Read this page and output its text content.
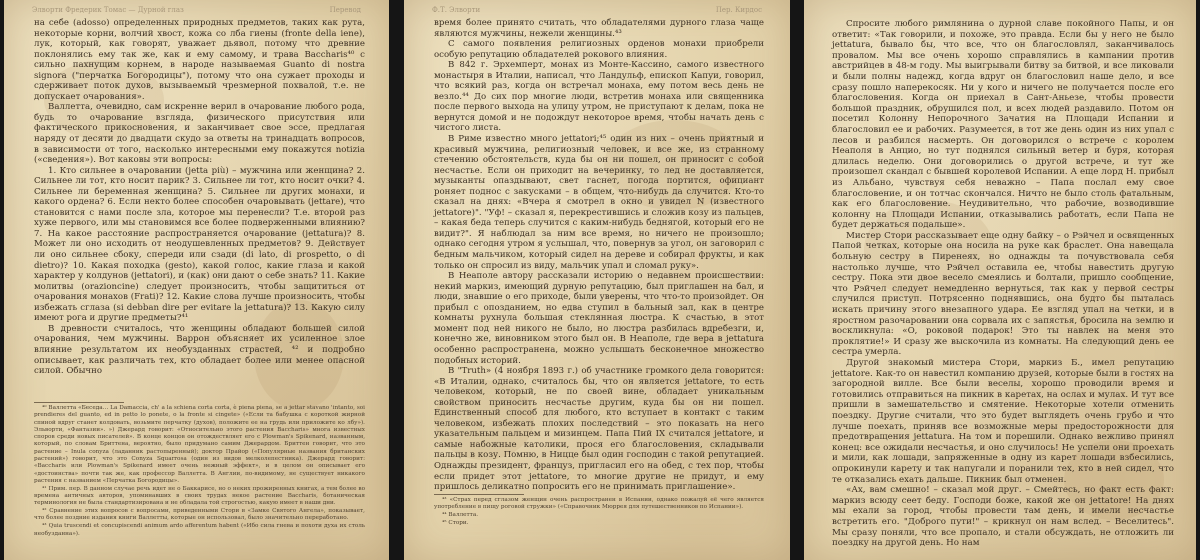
Элворти Фредерик Томас — Дурной глаз	Перевод

на себе (adosso) определенных природных предметов, таких как рута, некоторые корни, волчий хвост, кожа со лба гиены (fronte della iene), лук, который, как говорят, уважает дьявол, потому что древние поклонялись ему так же, как и ему самому, и трава Baccharis⁴⁰ с сильно пахнущим корнем, в народе называемая Guanto di nostra signora ("перчатка Богородицы"), потому что она сужает проходы и сдерживает поток духов, вызываемый чрезмерной похвалой, т.е. не допускает очарования».

Валлетта, очевидно, сам искренне верил в очарование любого рода, будь то очарование взгляда, физического присутствия или фактического прикосновения, и заканчивает свое эссе, предлагая наряду от десяти до двадцати скудо за ответы на тринадцать вопросов, в зависимости от того, насколько интересными ему покажутся notizia («сведения»). Вот каковы эти вопросы:

1. Кто сильнее в очаровании (jetta più) – мужчина или женщина? 2. Сильнее ли тот, кто носит парик? 3. Сильнее ли тот, кто носит очки? 4. Сильнее ли беременная женщина? 5. Сильнее ли других монахи, и какого ордена? 6. Если некто более способен очаровывать (jettare), что становится с нами после зла, которое мы перенесли? Т.е. второй раз хуже первого, или мы становимся все более подверженными влиянию? 7. На какое расстояние распространяется очарование (jettatura)? 8. Может ли оно исходить от неодушевленных предметов? 9. Действует ли оно сильнее сбоку, спереди или сзади (di lato, di prospetto, o di dietro)? 10. Какая походка (gesto), какой голос, какие глаза и какой характер у колдунов (jettatori), и (как) они дают о себе знать? 11. Какие молитвы (orazioncine) следует произносить, чтобы защититься от очарования монахов (Frati)? 12. Какие слова лучше произносить, чтобы избежать сглаза (si debban dire per evitare la jettatura)? 13. Какую силу имеют рога и другие предметы?⁴¹

В древности считалось, что женщины обладают большей силой очарования, чем мужчины. Варрон объясняет их усиленное злое влияние результатом их необузданных страстей, ⁴² и подробно описывает, как различать тех, кто обладает более или менее опасной силой. Обычно

⁴⁰ Валлетта «Беседа… La Damaccia, ch' a la schiena corta corta, è piena piena, se a jettar stavano 'intanto, soi prendieres del guanto, ed in petto lo ponete, o la fronte si cingete» («Если та бабушка с короткой жирной спиной вдруг станет колдовать, возьмите перчатку (духов), положите ее на грудь или приложите ко лбу»). Эльворти, «Фантазии». ») Джерард говорит: «Относительно этого растения Baccharis» многа известных споров среди новых писателей». В конце концов он отождествляет его с Plowman's Spikenard, названным, который, по словам Бриттена, вероятно, было придумано самим Джерардом. Бриттен говорит, что это растение – Inula conyza (ладанник растопыренный); доктор Прайор («Популярные названия британских растений») говорит, что это Conyza Squarrosa (один из видов мелколепестника). Джерард говорит: «Baccharis или Plowman's Spikenard имеет очень нежный эффект», и в целом он описывает его «достоинства» почти так же, как профессор Валлетта. В Англии, по-видимому, не существует никакого растения с названием «Перчатка Богородицы».

⁴¹ Прим. пер. В данном случае речь идет не о Баккарисе, но о неких прожиренных книгах, а тем более во времена античных авторов, упоминавших в своих трудах некое растение Baccharis, ботаническая терминология не была стандартизирована и не обладала той строгостью, какую имеет в наши дни.

⁴² Сравнение этих вопросов с вопросами, приведенными Стори в «Замке Святого Ангела», показывает, что более поздние издания книги Валлетты, которые он использовал, было значительно переработано.

⁴³ Quia truscendi et concupiscendi animum ardo afferentum habent («Ибо сила гнева и похоти духа их столь необузданна»).

Ф.Т. Элворти	Пер. Кирдос

время более принято считать, что обладателями дурного глаза чаще являются мужчины, нежели женщины.⁴³

С самого появления религиозных орденов монахи приобрели особую репутацию обладателей рокового влияния.

В 842 г. Эрхемперт, монах из Монте-Кассино, самого известного монастыря в Италии, написал, что Ландульф, епископ Капуи, говорил, что всякий раз, когда он встречал монаха, ему потом весь день не везло.⁴⁴ До сих пор многие люди, встретив монаха или священника после первого выхода на улицу утром, не приступают к делам, пока не вернутся домой и не подождут некоторое время, чтобы начать день с чистого листа.

В Риме известно много jettatori;⁴⁵ один из них – очень приятный и красивый мужчина, религиозный человек, и все же, из странному стечению обстоятельств, куда бы он ни пошел, он приносит с собой несчастье. Если он приходит на вечеринку, то лед не доставляется, музыканты опаздывают, свет гаснет, погода портится, официант роняет поднос с закусками – в общем, что-нибудь да случится. Кто-то сказал на днях: «Вчера я смотрел в окно и увидел N (известного jettatore)". "Уф! – сказал я, перекрестившись и сложив козу из пальцев, – какая беда теперь случится с каким-нибудь беднягой, который его не видит?". Я наблюдал за ним все время, но ничего не произошло; однако сегодня утром я услышал, что, повернув за угол, он заговорил с бедным мальчиком, который сидел на дереве и собирал фрукты, и как только он спросил из виду, мальчик упал и сломал руку».

В Неаполе автору рассказали историю о недавнем происшествии: некий маркиз, имеющий дурную репутацию, был приглашен на бал, и люди, знавшие о его приходе, были уверены, что что-то произойдет. Он прибыл с опозданием, но едва ступил в бальный зал, как в центре комнаты рухнула большая стеклянная люстра. К счастью, в этот момент под ней никого не было, но люстра разбилась вдребезги, и, конечно же, виновником этого был он. В Неаполе, где вера в jettatura особенно распространена, можно услышать бесконечное множество подобных историй.

В "Truth» (4 ноября 1893 г.) об участнике громкого дела говорится: «В Италии, однако, считалось бы, что он является jettatore, то есть человеком, который, не по своей вине, обладает уникальным свойством приносить несчастье другим, куда бы он ни пошел. Единственный способ для любого, кто вступает в контакт с таким человеком, избежать плохих последствий – это показать на него указательным пальцем и мизинцем. Папа Пий IX считался jettatore, и самые набожные католики, прося его благословения, складывали пальцы в козу. Помню, в Ницце был один господин с такой репутацией. Однажды президент, француз, пригласил его на обед, с тех пор, чтобы если придет этот jettatore, то многие другие не придут, и ему пришлось деликатно попросить его не принимать приглашение».

⁴³ «Страх перед сглазом женщин очень распространен в Испании, однако пожалуй её чего является употребление в пищу роговой стружки» («Справочник Мюррея для путешественников по Испании»).

⁴⁴ Валлетта.

⁴⁵ Стори.

Спросите любого римлянина о дурной славе покойного Папы, и он ответит: «Так говорили, и похоже, это правда. Если бы у него не было jettatura, бывало бы, что все, что он благословлял, заканчивалось провалом. Мы все очень хорошо справлялись в кампании против австрийцев в 48-м году. Мы выигрывали битву за битвой, и все ликовали и были полны надежд, когда вдруг он благословил наше дело, и все сразу пошло наперекосяк. Ни у кого и ничего не получается после его благословения. Когда он приехал в Сант-Аньезе, чтобы провести большой праздник, обрушился пол, и всех людей раздавило. Потом он посетил Колонну Непорочного Зачатия на Площади Испании и благословил ее и рабочих. Разумеется, в тот же день один из них упал с лесов и разбился насмерть. Он договорился о встрече с королем Неаполя в Анцио, но тут поднялся сильный ветер и буря, которая длилась неделю. Они договорились о другой встрече, и тут же произошел скандал с бывшей королевой Испании. А еще лорд Н. прибыл из Альбано, чувствуя себя неважно – Папа послал ему свое благословение, и он тотчас скончался. Ничто не было столь фатальным, как его благословение. Неудивительно, что рабочие, возводившие колонну на Площади Испании, отказывались работать, если Папа не будет держаться подальше».

Мистер Стори рассказывает еще одну байку – о Рэйчел и освященных Папой четках, которые она носила на руке как браслет. Она навещала больную сестру в Пиренеях, но однажды та почувствовала себя настолько лучше, что Рэйчел оставила ее, чтобы навестить другую сестру. Пока эти двое весело смеялись и болтали, пришло сообщение, что Рэйчел следует немедленно вернуться, так как у первой сестры случился приступ. Потрясенно поднявшись, она будто бы пыталась искать причину этого внезапного удара. Ее взгляд упал на четки, и в яростном разочаровании она сорвала их с запястья, бросила на землю и воскликнула: «О, роковой подарок! Это ты навлек на меня это проклятие!» И сразу же выскочила из комнаты. На следующий день ее сестра умерла.

Другой знакомый мистера Стори, маркиз Б., имел репутацию jettatore. Как-то он навестил компанию друзей, которые были в гостях на загородной вилле. Все были веселы, хорошо проводили время и готовились отправиться на пикник в каретах, на ослах и мулах. И тут все пришли в замешательство и смятение. Некоторые хотели отменить поездку. Другие считали, что это будет выглядеть очень грубо и что лучше поехать, приняв все возможные меры предосторожности для предотвращения jettatura. На том и порешили. Однако вежливо принял конец: все ожидали несчастья, и оно случилось! Не успели они проехать и мили, как лошади, запряженные в одну из карет лошади взбесились, опрокинули карету и так напугали и поранили тех, кто в ней сидел, что те отказались ехать дальше. Пикник был отменен.

«Ах, вам смешно! – сказал мой друг. – Смейтесь, но факт есть факт: маркиз всюду сеет беду. Господи боже, какой же он jettatore! На днях мы ехали за город, чтобы провести там день, и имели несчастье встретить его. "Доброго пути!" – крикнул он нам вслед. – Веселитесь". Мы сразу поняли, что все пропало, и стали обсуждать, не отложить ли поездку на другой день. Но нам
